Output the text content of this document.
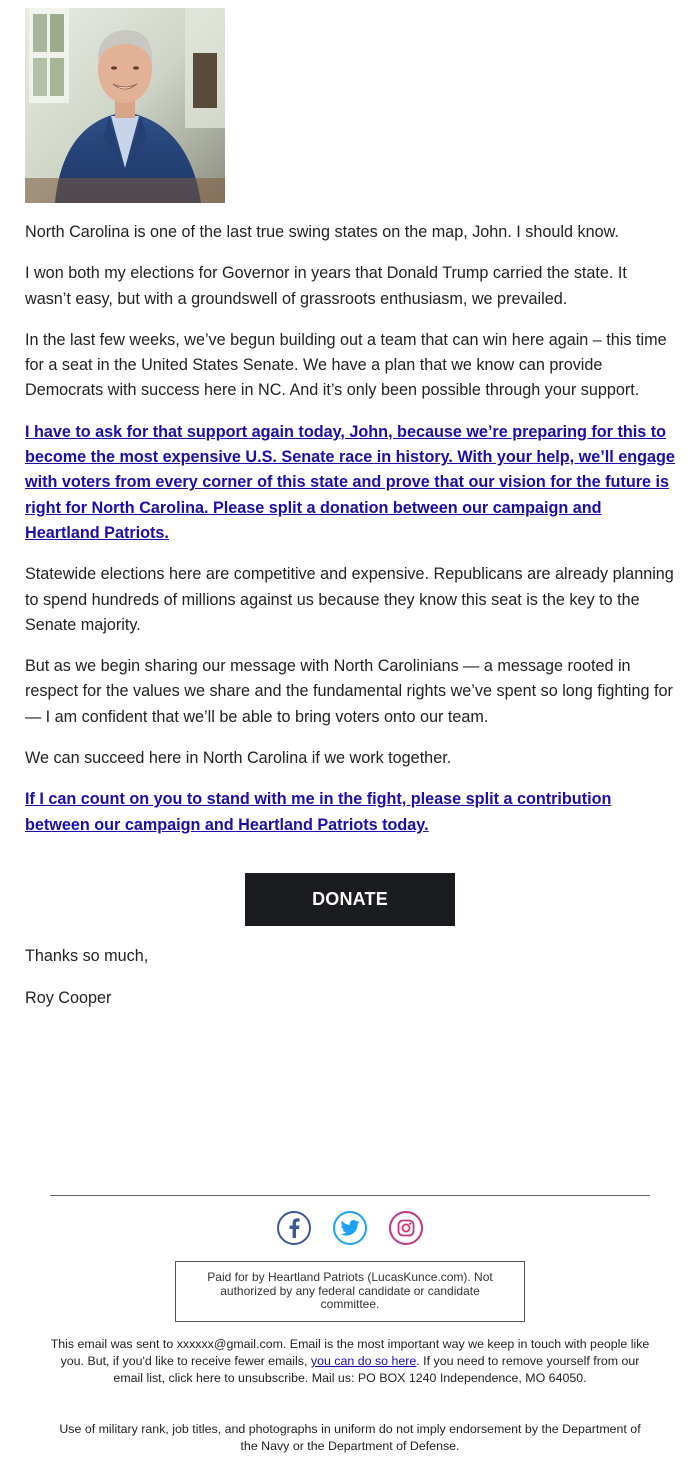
North Carolina is one of the last true swing states on the map, John. I should know.

I won both my elections for Governor in years that Donald Trump carried the state. It wasn’t easy, but with a groundswell of grassroots enthusiasm, we prevailed.

In the last few weeks, we’ve begun building out a team that can win here again – this time for a seat in the United States Senate. We have a plan that we know can provide Democrats with success here in NC. And it’s only been possible through your support.

I have to ask for that support again today, John, because we’re preparing for this to become the most expensive U.S. Senate race in history. With your help, we’ll engage with voters from every corner of this state and prove that our vision for the future is right for North Carolina. Please split a donation between our campaign and Heartland Patriots.

Statewide elections here are competitive and expensive. Republicans are already planning to spend hundreds of millions against us because they know this seat is the key to the Senate majority.

But as we begin sharing our message with North Carolinians — a message rooted in respect for the values we share and the fundamental rights we’ve spent so long fighting for — I am confident that we’ll be able to bring voters onto our team.

We can succeed here in North Carolina if we work together.

If I can count on you to stand with me in the fight, please split a contribution between our campaign and Heartland Patriots today.

DONATE
Thanks so much,
Roy Cooper
Paid for by Heartland Patriots (LucasKunce.com). Not authorized by any federal candidate or candidate committee.
This email was sent to xxxxxx@gmail.com. Email is the most important way we keep in touch with people like you. But, if you'd like to receive fewer emails, you can do so here. If you need to remove yourself from our email list, click here to unsubscribe. Mail us: PO BOX 1240 Independence, MO 64050.
Use of military rank, job titles, and photographs in uniform do not imply endorsement by the Department of the Navy or the Department of Defense.
